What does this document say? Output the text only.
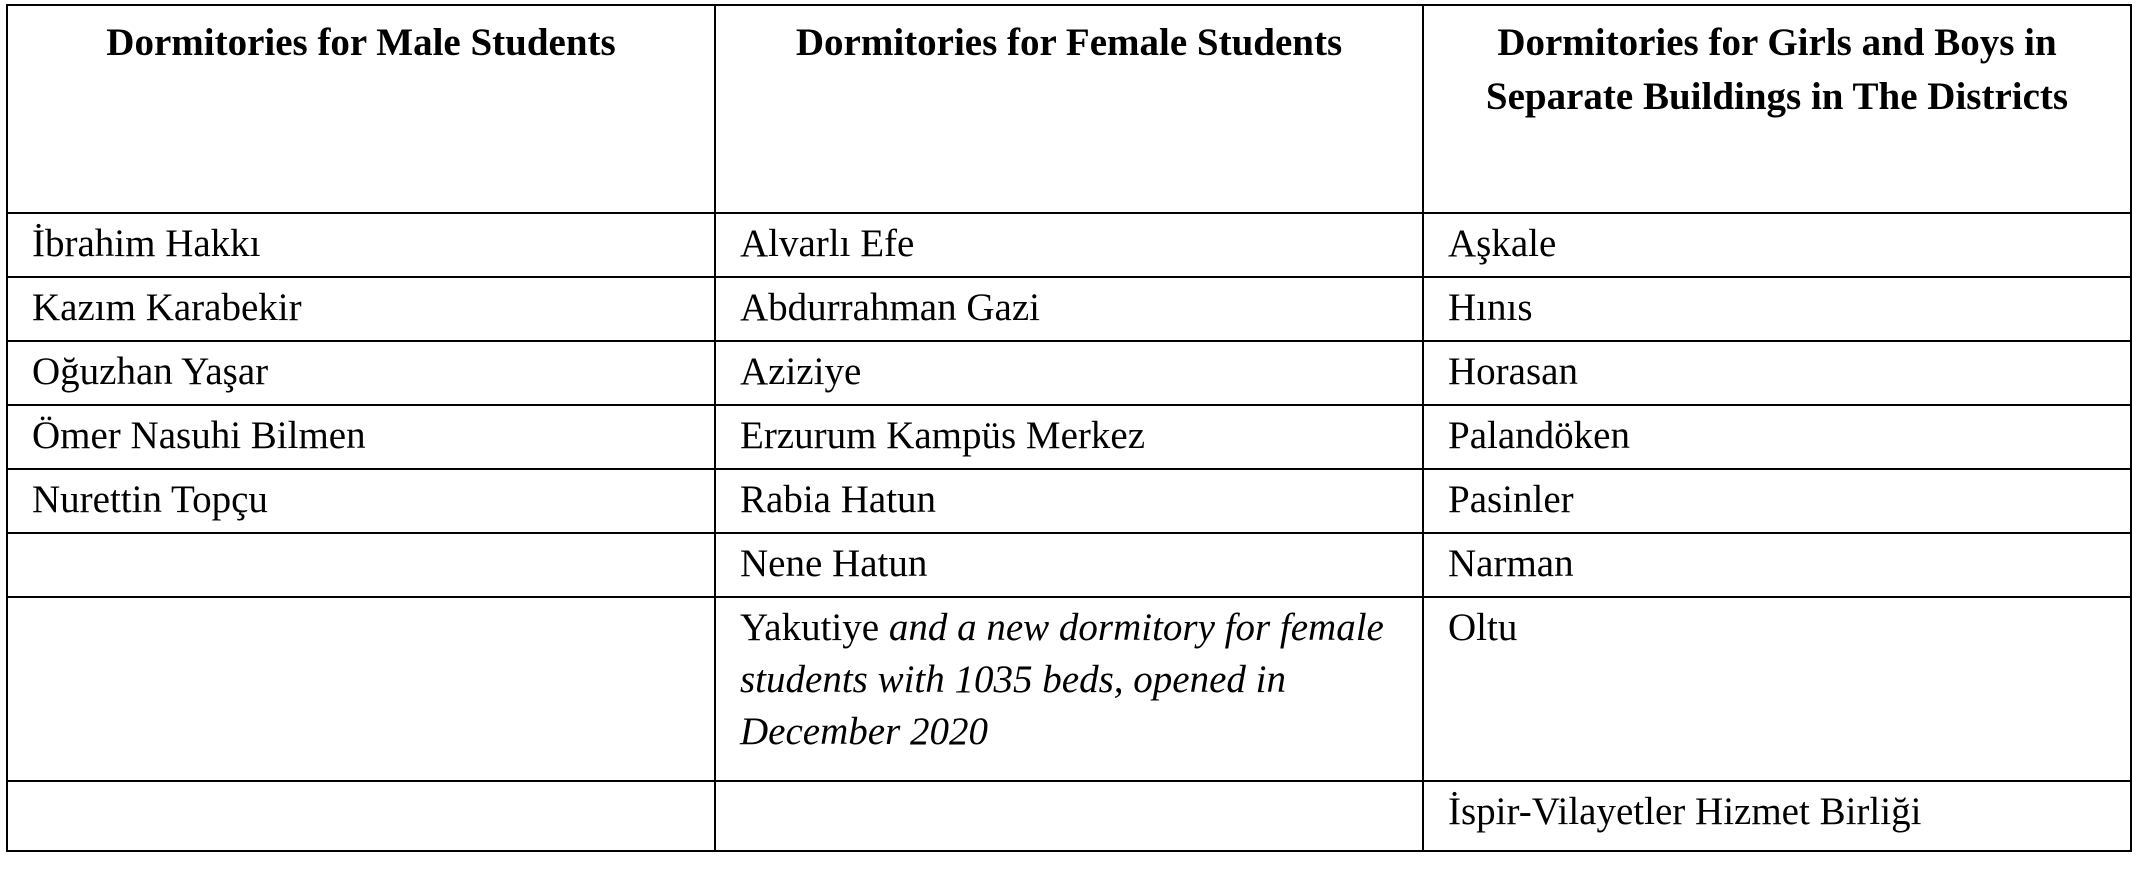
Dormitories for Male Students	Dormitories for Female Students	Dormitories for Girls and Boys in Separate Buildings in The Districts
İbrahim Hakkı	Alvarlı Efe	Aşkale
Kazım Karabekir	Abdurrahman Gazi	Hınıs
Oğuzhan Yaşar	Aziziye	Horasan
Ömer Nasuhi Bilmen	Erzurum Kampüs Merkez	Palandöken
Nurettin Topçu	Rabia Hatun	Pasinler
	Nene Hatun	Narman
	Yakutiye and a new dormitory for female students with 1035 beds, opened in December 2020	Oltu
		İspir-Vilayetler Hizmet Birliği
